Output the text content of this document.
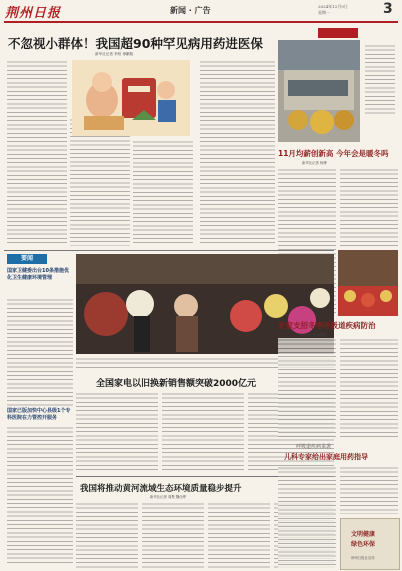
荆州日报	新闻 · 广告	2024年12月9日
星期一	3
不忽视小群体！我国超90种罕见病用药进医保
新华社记者 李恒 徐鹏航
11月均薪创新高 今年会是暖冬吗
新华社记者 杨博
要闻
国家卫健委出台10条措施优化卫生健康环境管理
国家已版加快中心县级1个专科医院在力管控开服务
全国家电以旧换新销售额突破2000亿元
我国将推动黄河流域生态环境质量稳步提升
新华社记者 周楚 魏仕晔
专家支招冬季呼吸道疾病防治
新华社记者 徐鹏航
呼吸道疾病来袭
儿科专家给出家庭用药指导
文明健康
绿色环保
荆州日报社宣传
